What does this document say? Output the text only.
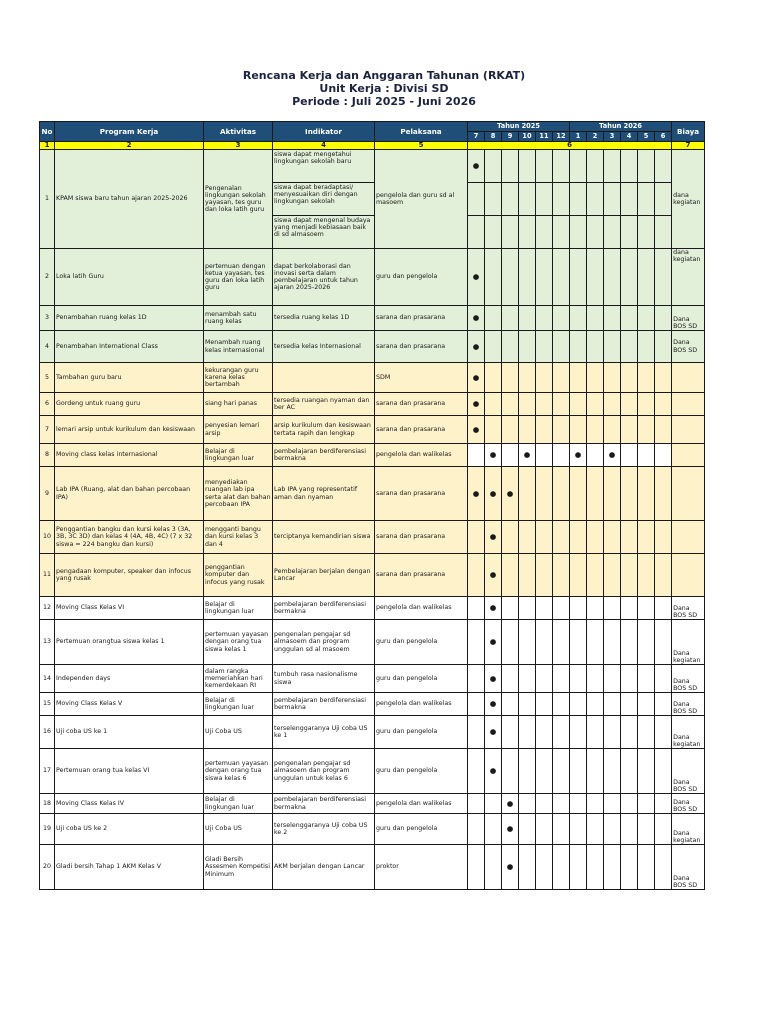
Rencana Kerja dan Anggaran Tahunan (RKAT)
Unit Kerja : Divisi SD
Periode : Juli 2025 - Juni 2026
No	Program Kerja	Aktivitas	Indikator	Pelaksana	Tahun 2025						Tahun 2026						Biaya
					7	8	9	10	11	12	1	2	3	4	5	6	
1	2	3	4	5	6												7
1	KPAM siswa baru tahun ajaran 2025-2026	Pengenalan lingkungan sekolah yayasan, tes guru dan loka latih guru	siswa dapat mengetahui lingkungan sekolah baru	pengelola dan guru sd al masoem	●												dana kegiatan
			siswa dapat beradaptasi/ menyesuaikan diri dengan lingkungan sekolah														
			siswa dapat mengenal budaya yang menjadi kebiasaan baik di sd almasoem														
2	Loka latih Guru	pertemuan dengan ketua yayasan, tes guru dan loka latih guru	dapat berkolaborasi dan inovasi serta dalam pembelajaran untuk tahun ajaran 2025-2026	guru dan pengelola	●												dana kegiatan
3	Penambahan ruang kelas 1D	menambah satu ruang kelas	tersedia ruang kelas 1D	sarana dan prasarana	●												Dana BOS SD
4	Penambahan International Class	Menambah ruang kelas internasional	tersedia kelas Internasional	sarana dan prasarana	●												Dana BOS SD
5	Tambahan guru baru	kekurangan guru karena kelas bertambah		SDM	●												
6	Gordeng untuk ruang guru	siang hari panas	tersedia ruangan nyaman dan ber AC	sarana dan prasarana	●												
7	lemari arsip untuk kurikulum dan kesiswaan	penyesian lemari arsip	arsip kurikulum dan kesiswaan tertata rapih dan lengkap	sarana dan prasarana	●												
8	Moving class kelas internasional	Belajar di lingkungan luar	pembelajaran berdiferensiasi bermakna	pengelola dan walikelas		●		●			●		●				
9	Lab IPA (Ruang, alat dan bahan percobaan IPA)	menyediakan ruangan lab ipa serta alat dan bahan percobaan IPA	Lab IPA yang representatif aman dan nyaman	sarana dan prasarana	●	●	●										
10	Penggantian bangku dan kursi kelas 3 (3A, 3B, 3C 3D) dan kelas 4 (4A, 4B, 4C) (7 x 32 siswa = 224 bangku dan kursi)	mengganti bangu dan kursi kelas 3 dan 4	terciptanya kemandirian siswa	sarana dan prasarana		●											
11	pengadaan komputer, speaker dan infocus yang rusak	penggantian komputer dan infocus yang rusak	Pembelajaran berjalan dengan Lancar	sarana dan prasarana		●											
12	Moving Class Kelas VI	Belajar di lingkungan luar	pembelajaran berdiferensiasi bermakna	pengelola dan walikelas		●											Dana BOS SD
13	Pertemuan orangtua siswa kelas 1	pertemuan yayasan dengan orang tua siswa kelas 1	pengenalan pengajar sd almasoem dan program unggulan sd al masoem	guru dan pengelola		●											Dana kegiatan
14	Independen days	dalam rangka memeriahkan hari kemerdekaan RI	tumbuh rasa nasionalisme siswa	guru dan pengelola		●											Dana BOS SD
15	Moving Class Kelas V	Belajar di lingkungan luar	pembelajaran berdiferensiasi bermakna	pengelola dan walikelas		●											Dana BOS SD
16	Uji coba US ke 1	Uji Coba US	terselenggaranya Uji coba US ke 1	guru dan pengelola		●											Dana kegiatan
17	Pertemuan orang tua kelas VI	pertemuan yayasan dengan orang tua siswa kelas 6	pengenalan pengajar sd almasoem dan program unggulan untuk kelas 6	guru dan pengelola		●											Dana BOS SD
18	Moving Class Kelas IV	Belajar di lingkungan luar	pembelajaran berdiferensiasi bermakna	pengelola dan walikelas			●										Dana BOS SD
19	Uji coba US ke 2	Uji Coba US	terselenggaranya Uji coba US ke 2	guru dan pengelola			●										Dana kegiatan
20	Gladi bersih Tahap 1 AKM Kelas V	Gladi Bersih Assesmen Kompetisi Minimum	AKM berjalan dengan Lancar	proktor			●										Dana BOS SD
